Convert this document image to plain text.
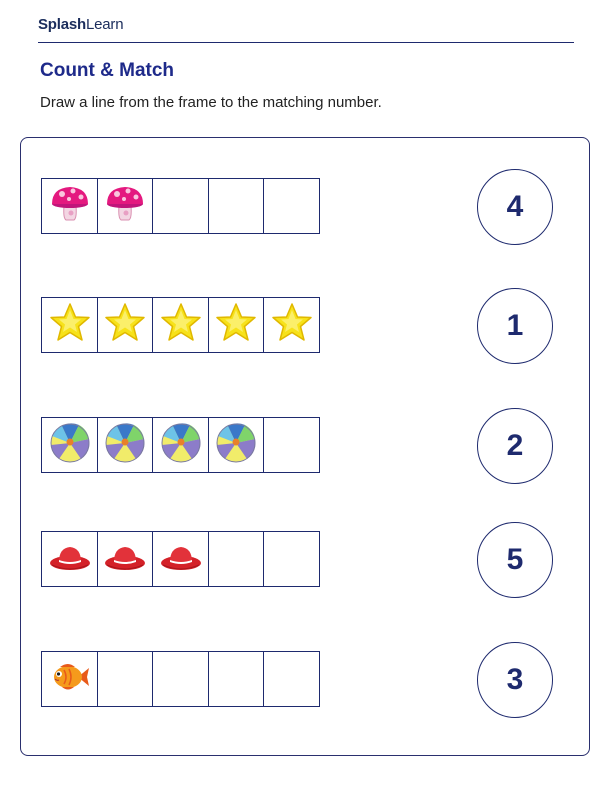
SplashLearn
Count & Match

Draw a line from the frame to the matching number.

4
1
2
5
3
